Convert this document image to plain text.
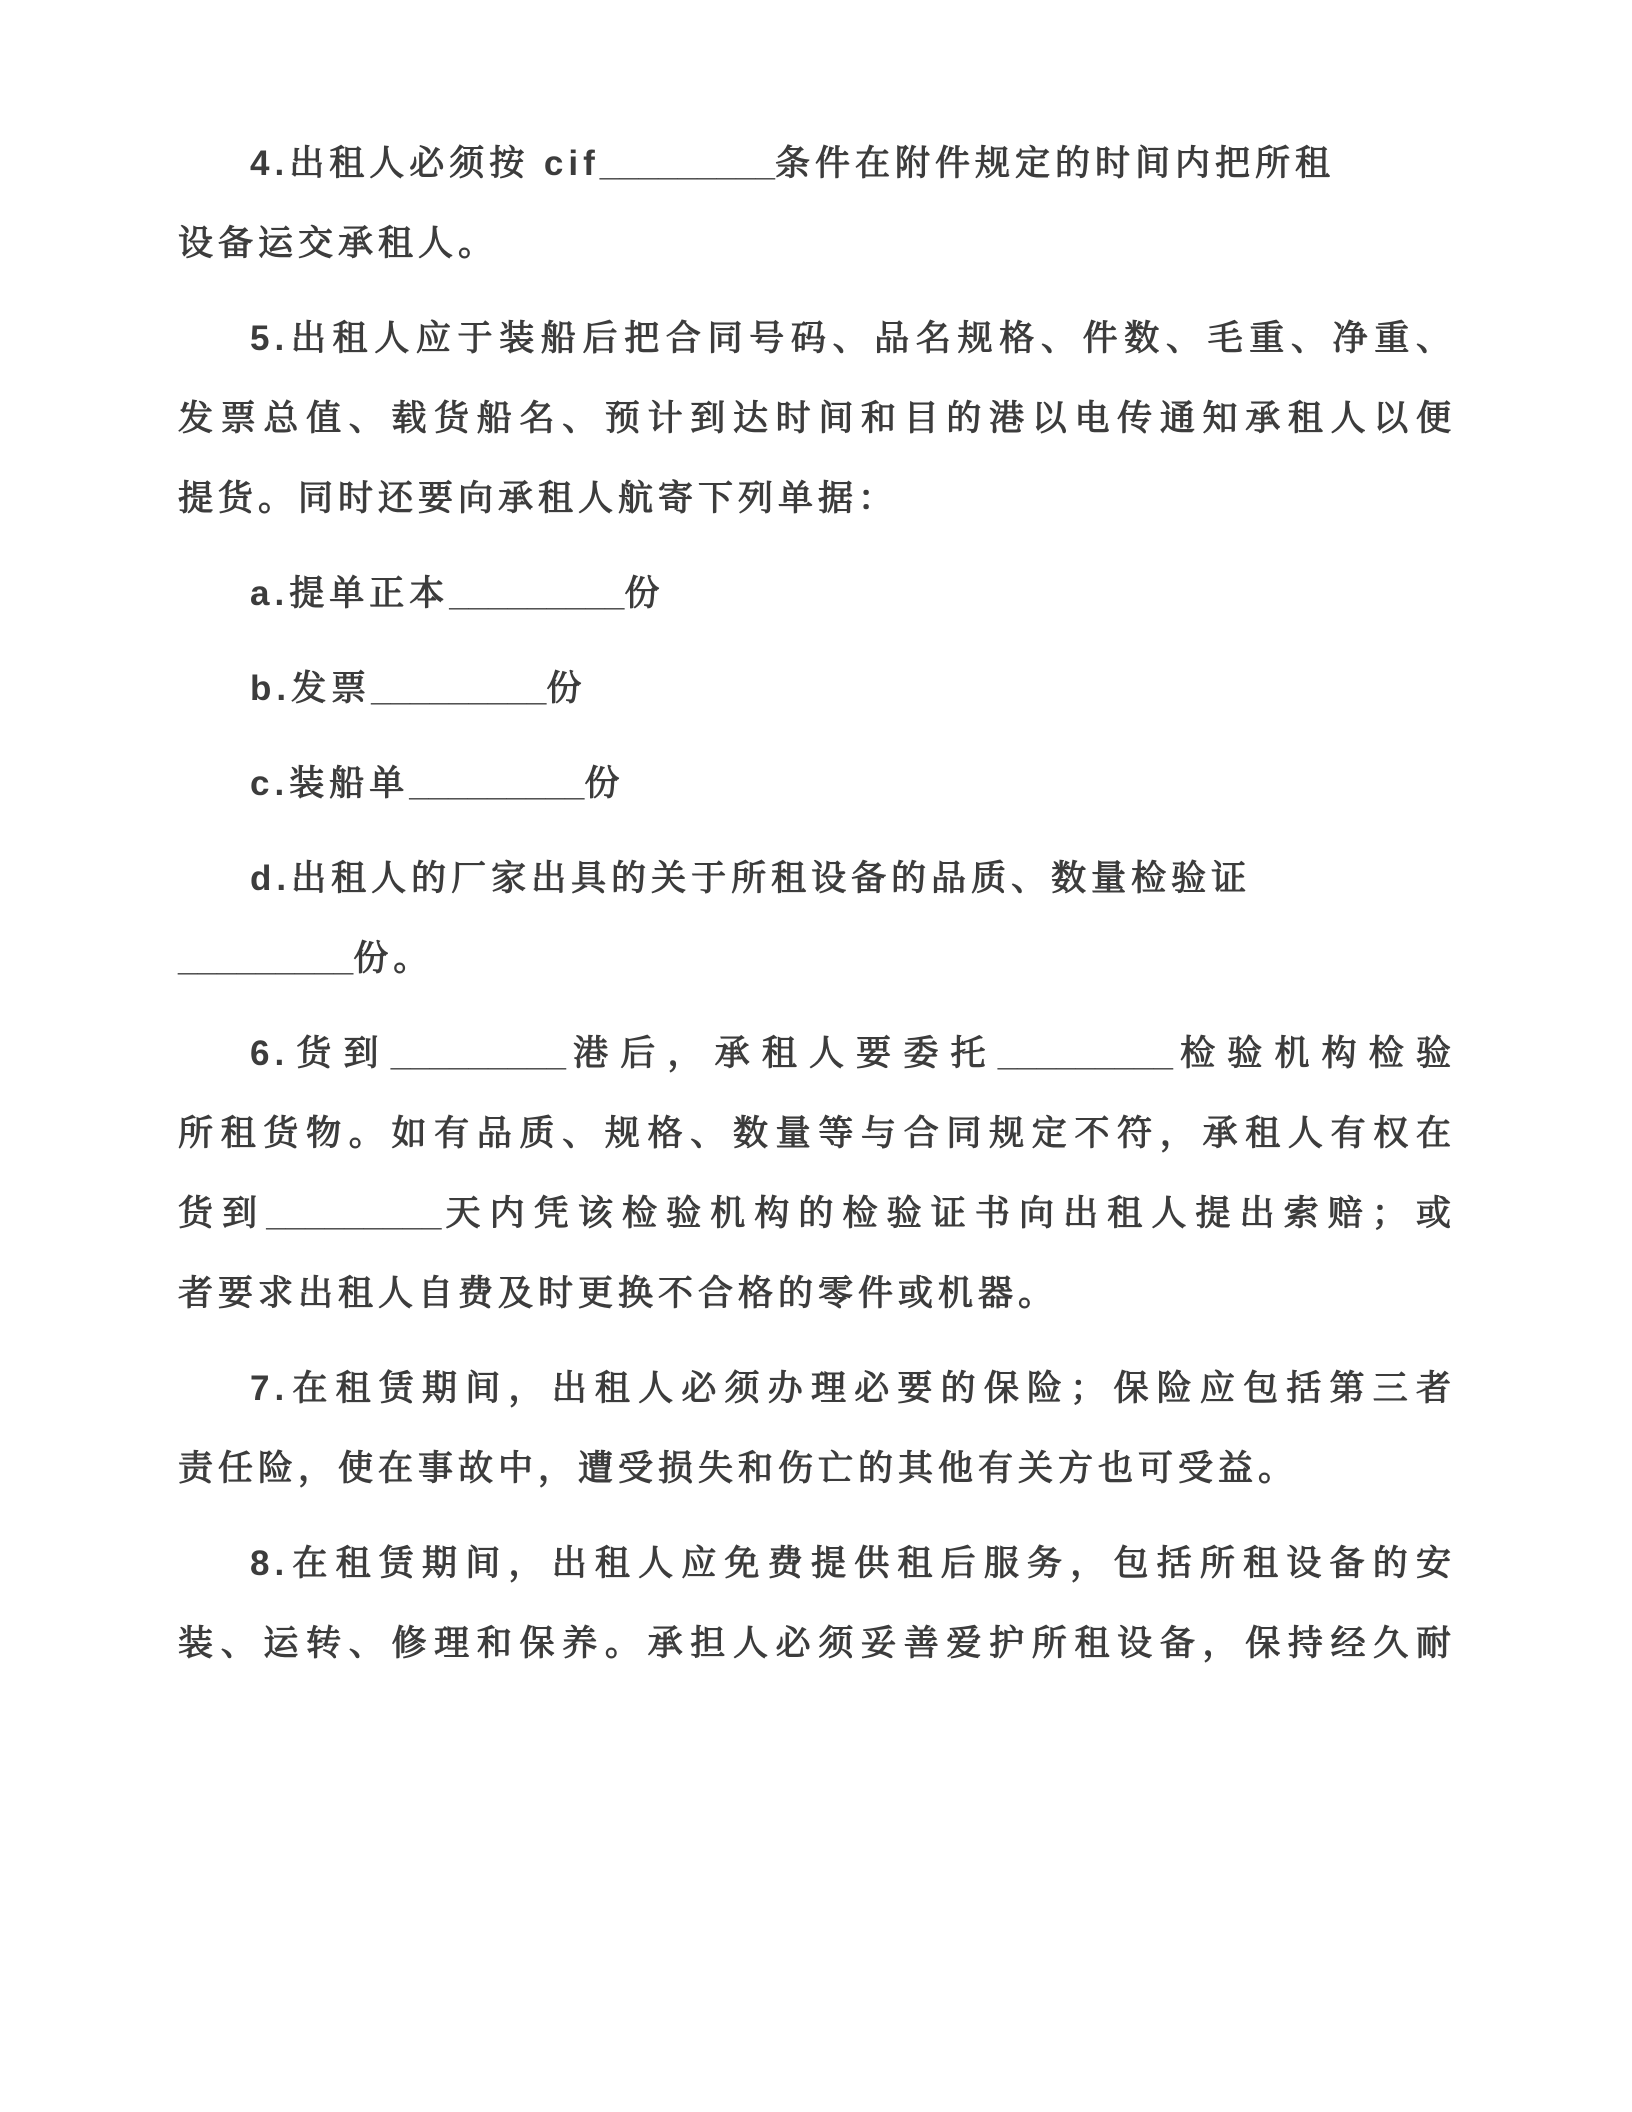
4.出租人必须按 cif_________条件在附件规定的时间内把所租
设备运交承租人。
5.出租人应于装船后把合同号码、品名规格、件数、毛重、净重、
发票总值、载货船名、预计到达时间和目的港以电传通知承租人以便
提货。同时还要向承租人航寄下列单据：
a.提单正本_________份
b.发票_________份
c.装船单_________份
d.出租人的厂家出具的关于所租设备的品质、数量检验证
_________份。
6.货到_________港后，承租人要委托_________检验机构检验
所租货物。如有品质、规格、数量等与合同规定不符，承租人有权在
货到_________天内凭该检验机构的检验证书向出租人提出索赔；或
者要求出租人自费及时更换不合格的零件或机器。
7.在租赁期间，出租人必须办理必要的保险；保险应包括第三者
责任险，使在事故中，遭受损失和伤亡的其他有关方也可受益。
8.在租赁期间，出租人应免费提供租后服务，包括所租设备的安
装、运转、修理和保养。承担人必须妥善爱护所租设备，保持经久耐
